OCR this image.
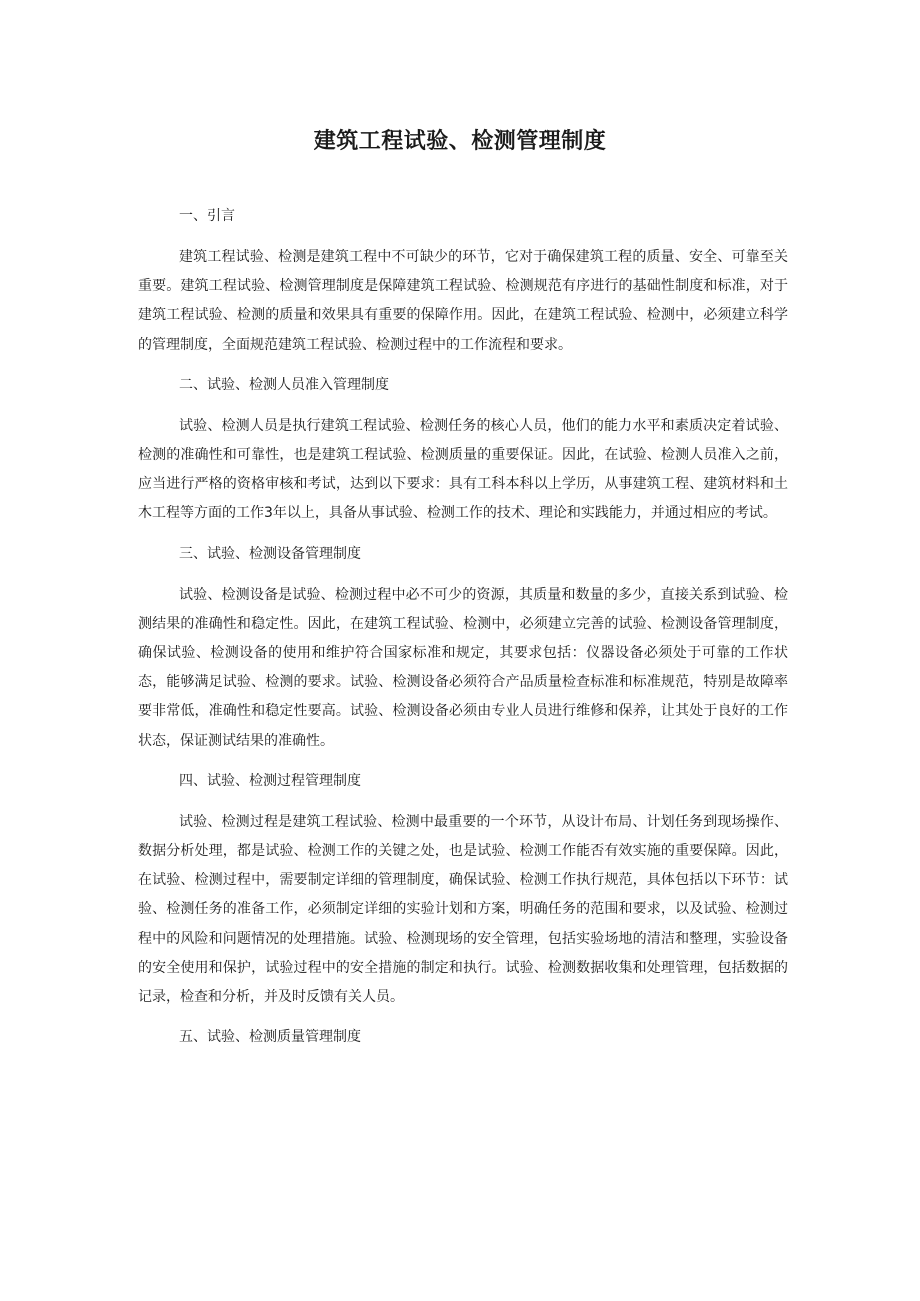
建筑工程试验、检测管理制度
一、引言

建筑工程试验、检测是建筑工程中不可缺少的环节，它对于确保建筑工程的质量、安全、可靠至关重要。建筑工程试验、检测管理制度是保障建筑工程试验、检测规范有序进行的基础性制度和标准，对于建筑工程试验、检测的质量和效果具有重要的保障作用。因此，在建筑工程试验、检测中，必须建立科学的管理制度，全面规范建筑工程试验、检测过程中的工作流程和要求。

二、试验、检测人员准入管理制度

试验、检测人员是执行建筑工程试验、检测任务的核心人员，他们的能力水平和素质决定着试验、检测的准确性和可靠性，也是建筑工程试验、检测质量的重要保证。因此，在试验、检测人员准入之前，应当进行严格的资格审核和考试，达到以下要求：具有工科本科以上学历，从事建筑工程、建筑材料和土木工程等方面的工作3年以上，具备从事试验、检测工作的技术、理论和实践能力，并通过相应的考试。

三、试验、检测设备管理制度

试验、检测设备是试验、检测过程中必不可少的资源，其质量和数量的多少，直接关系到试验、检测结果的准确性和稳定性。因此，在建筑工程试验、检测中，必须建立完善的试验、检测设备管理制度，确保试验、检测设备的使用和维护符合国家标准和规定，其要求包括：仪器设备必须处于可靠的工作状态，能够满足试验、检测的要求。试验、检测设备必须符合产品质量检查标准和标准规范，特别是故障率要非常低，准确性和稳定性要高。试验、检测设备必须由专业人员进行维修和保养，让其处于良好的工作状态，保证测试结果的准确性。

四、试验、检测过程管理制度

试验、检测过程是建筑工程试验、检测中最重要的一个环节，从设计布局、计划任务到现场操作、数据分析处理，都是试验、检测工作的关键之处，也是试验、检测工作能否有效实施的重要保障。因此，在试验、检测过程中，需要制定详细的管理制度，确保试验、检测工作执行规范，具体包括以下环节：试验、检测任务的准备工作，必须制定详细的实验计划和方案，明确任务的范围和要求，以及试验、检测过程中的风险和问题情况的处理措施。试验、检测现场的安全管理，包括实验场地的清洁和整理，实验设备的安全使用和保护，试验过程中的安全措施的制定和执行。试验、检测数据收集和处理管理，包括数据的记录，检查和分析，并及时反馈有关人员。

五、试验、检测质量管理制度
